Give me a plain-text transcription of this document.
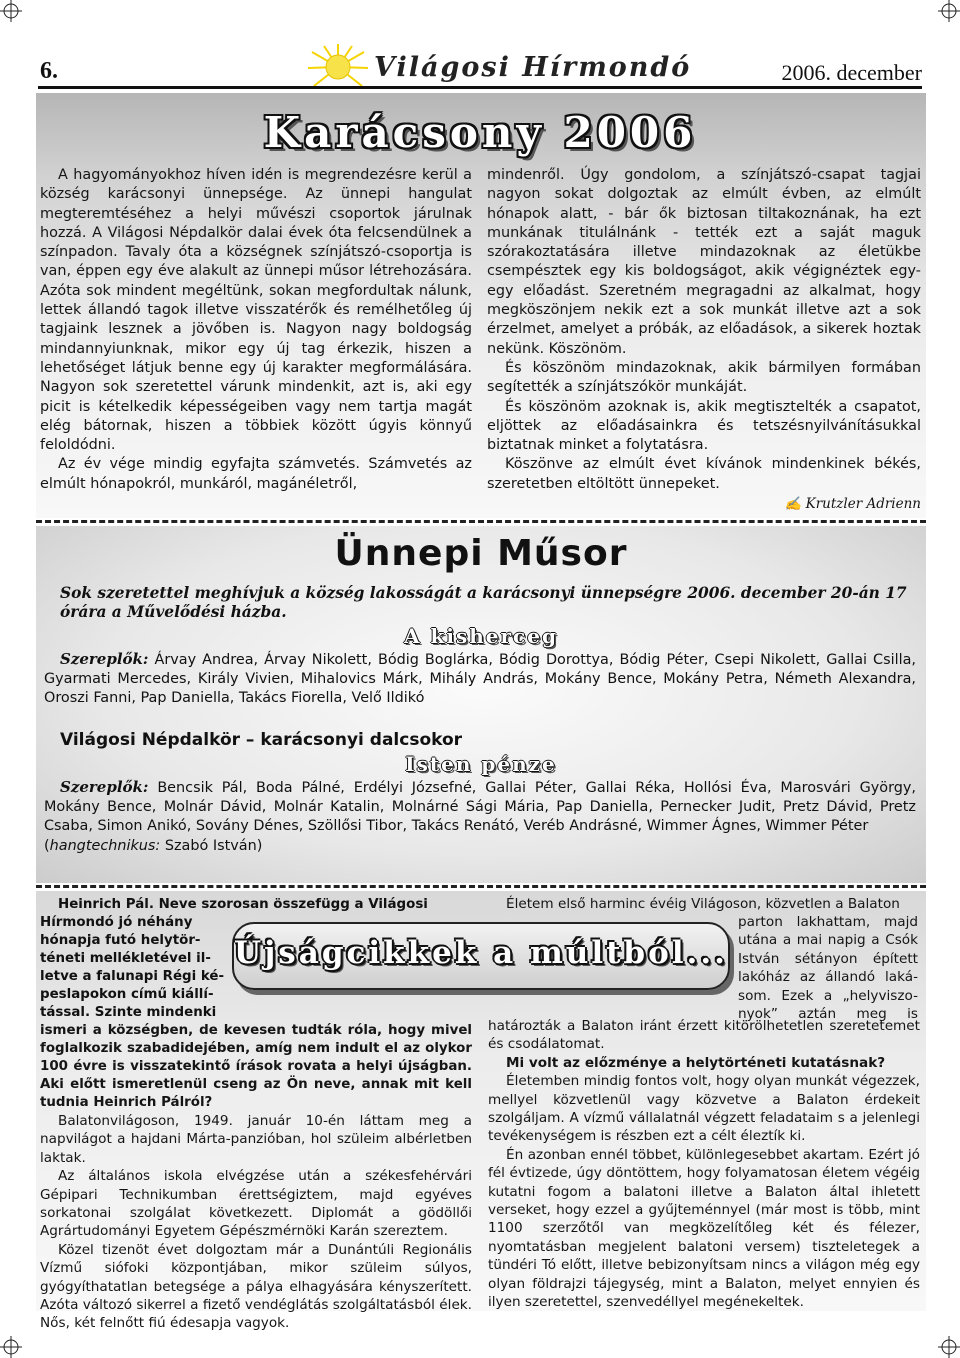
6.	Világosi Hírmondó	2006. december
Karácsony 2006

A hagyományokhoz híven idén is megrendezésre kerül a község karácsonyi ünnepsége. Az ünnepi hangulat megteremtéséhez a helyi művészi csoportok járulnak hozzá. A Világosi Népdalkör dalai évek óta felcsendülnek a színpadon. Tavaly óta a községnek színjátszó-csoportja is van, éppen egy éve alakult az ünnepi műsor létrehozására. Azóta sok mindent megéltünk, sokan megfordultak nálunk, lettek állandó tagok illetve visszatérők és remélhetőleg új tagjaink lesznek a jövőben is. Nagyon nagy boldogság mindannyiunknak, mikor egy új tag érkezik, hiszen a lehetőséget látjuk benne egy új karakter megformálására. Nagyon sok szeretettel várunk mindenkit, azt is, aki egy picit is kételkedik képességeiben vagy nem tartja magát elég bátornak, hiszen a többiek között úgyis könnyű feloldódni.

Az év vége mindig egyfajta számvetés. Számvetés az elmúlt hónapokról, munkáról, magánéletről,

mindenről. Úgy gondolom, a színjátszó-csapat tagjai nagyon sokat dolgoztak az elmúlt évben, az elmúlt hónapok alatt, - bár ők biztosan tiltakoznának, ha ezt munkának titulálnánk - tették ezt a saját maguk szórakoztatására illetve mindazoknak az életükbe csempésztek egy kis boldogságot, akik végignéztek egy-egy előadást. Szeretném megragadni az alkalmat, hogy megköszönjem nekik ezt a sok munkát illetve azt a sok érzelmet, amelyet a próbák, az előadások, a sikerek hoztak nekünk. Köszönöm.

És köszönöm mindazoknak, akik bármilyen formában segítették a színjátszókör munkáját.

És köszönöm azoknak is, akik megtisztelték a csapatot, eljöttek az előadásainkra és tetszésnyilvánításukkal biztatnak minket a folytatásra.

Köszönve az elmúlt évet kívánok mindenkinek békés, szeretetben eltöltött ünnepeket.

✍ Krutzler Adrienn
Ünnepi Műsor
Sok szeretettel meghívjuk a község lakosságát a karácsonyi ünnepségre 2006. december 20-án 17 órára a Művelődési házba.
A kisherceg
Szereplők: Árvay Andrea, Árvay Nikolett, Bódig Boglárka, Bódig Dorottya, Bódig Péter, Csepi Nikolett, Gallai Csilla, Gyarmati Mercedes, Király Vivien, Mihalovics Márk, Mihály András, Mokány Bence, Mokány Petra, Németh Alexandra, Oroszi Fanni, Pap Daniella, Takács Fiorella, Velő Ildikó
Világosi Népdalkör – karácsonyi dalcsokor
Isten pénze
Szereplők: Bencsik Pál, Boda Pálné, Erdélyi Józsefné, Gallai Péter, Gallai Réka, Hollósi Éva, Marosvári György, Mokány Bence, Molnár Dávid, Molnár Katalin, Molnárné Sági Mária, Pap Daniella, Pernecker Judit, Pretz Dávid, Pretz Csaba, Simon Anikó, Sovány Dénes, Szöllősi Tibor, Takács Renátó, Veréb Andrásné, Wimmer Ágnes, Wimmer Péter
(hangtechnikus: Szabó István)
Heinrich Pál. Neve szorosan összefügg a Világosi
Hírmondó jó néhány
hónapja futó helytör-
téneti mellékletével il-
letve a falunapi Régi ké-
peslapokon című kiállí-
tással. Szinte mindenki
Újságcikkek a múltból...
ismeri a községben, de kevesen tudták róla, hogy mivel foglalkozik szabadidejében, amíg nem indult el az olykor 100 évre is visszatekintő írások rovata a helyi újságban. Aki előtt ismeretlenül cseng az Ön neve, annak mit kell tudnia Heinrich Pálról?

Balatonvilágoson, 1949. január 10-én láttam meg a napvilágot a hajdani Márta-panzióban, hol szüleim albérletben laktak.

Az általános iskola elvégzése után a székesfehérvári Gépipari Technikumban érettségiztem, majd egyéves sorkatonai szolgálat következett. Diplomát a gödöllői Agrártudományi Egyetem Gépészmérnöki Karán szereztem.

Közel tizenöt évet dolgoztam már a Dunántúli Regionális Vízmű siófoki központjában, mikor szüleim súlyos, gyógyíthatatlan betegsége a pálya elhagyására kényszerített. Azóta változó sikerrel a fizető vendéglátás szolgáltatásból élek. Nős, két felnőtt fiú édesapja vagyok.

Életem első harminc évéig Világoson, közvetlen a Balaton

parton lakhattam, majd
utána a mai napig a Csók
István sétányon épített
lakóház az állandó laká-
som. Ezek a „helyviszo-
nyok” aztán meg is

határozták a Balaton iránt érzett kitörölhetetlen szeretetemet és csodálatomat.

Mi volt az előzménye a helytörténeti kutatásnak?

Életemben mindig fontos volt, hogy olyan munkát végezzek, mellyel közvetlenül vagy közvetve a Balaton érdekeit szolgáljam. A vízmű vállalatnál végzett feladataim s a jelenlegi tevékenységem is részben ezt a célt éleztík ki.

Én azonban ennél többet, különlegesebbet akartam. Ezért jó fél évtizede, úgy döntöttem, hogy folyamatosan életem végéig kutatni fogom a balatoni illetve a Balaton által ihletett verseket, hogy ezzel a gyűjteménnyel (már most is több, mint 1100 szerzőtől van megközelítőleg két és félezer, nyomtatásban megjelent balatoni versem) tiszteletegek a tündéri Tó előtt, illetve bebizonyítsam nincs a világon még egy olyan földrajzi tájegység, mint a Balaton, melyet ennyien és ilyen szeretettel, szenvedéllyel megénekeltek.
